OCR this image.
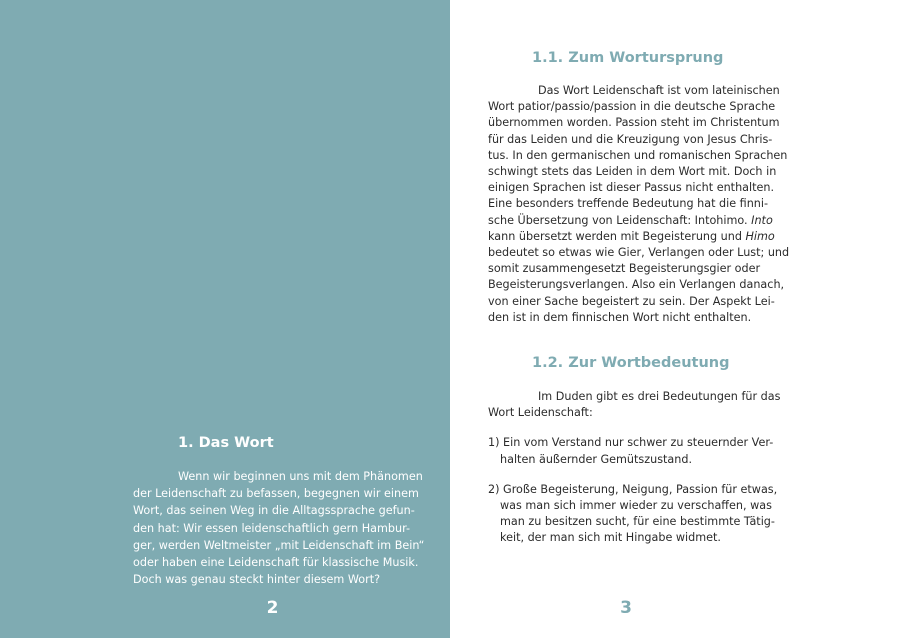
1. Das Wort
Wenn wir beginnen uns mit dem Phänomen
der Leidenschaft zu befassen, begegnen wir einem
Wort, das seinen Weg in die Alltagssprache gefun-
den hat: Wir essen leidenschaftlich gern Hambur-
ger, werden Weltmeister „mit Leidenschaft im Bein“
oder haben eine Leidenschaft für klassische Musik.
Doch was genau steckt hinter diesem Wort?
2
1.1. Zum Wortursprung
Das Wort Leidenschaft ist vom lateinischen
Wort patior/passio/passion in die deutsche Sprache
übernommen worden. Passion steht im Christentum
für das Leiden und die Kreuzigung von Jesus Chris-
tus. In den germanischen und romanischen Sprachen
schwingt stets das Leiden in dem Wort mit. Doch in
einigen Sprachen ist dieser Passus nicht enthalten.
Eine besonders treffende Bedeutung hat die finni-
sche Übersetzung von Leidenschaft: Intohimo. Into
kann übersetzt werden mit Begeisterung und Himo
bedeutet so etwas wie Gier, Verlangen oder Lust; und
somit zusammengesetzt Begeisterungsgier oder
Begeisterungsverlangen. Also ein Verlangen danach,
von einer Sache begeistert zu sein. Der Aspekt Lei-
den ist in dem finnischen Wort nicht enthalten.
1.2. Zur Wortbedeutung
Im Duden gibt es drei Bedeutungen für das
Wort Leidenschaft:
1) Ein vom Verstand nur schwer zu steuernder Ver-
halten äußernder Gemütszustand.
2) Große Begeisterung, Neigung, Passion für etwas,
was man sich immer wieder zu verschaffen, was
man zu besitzen sucht, für eine bestimmte Tätig-
keit, der man sich mit Hingabe widmet.
3
